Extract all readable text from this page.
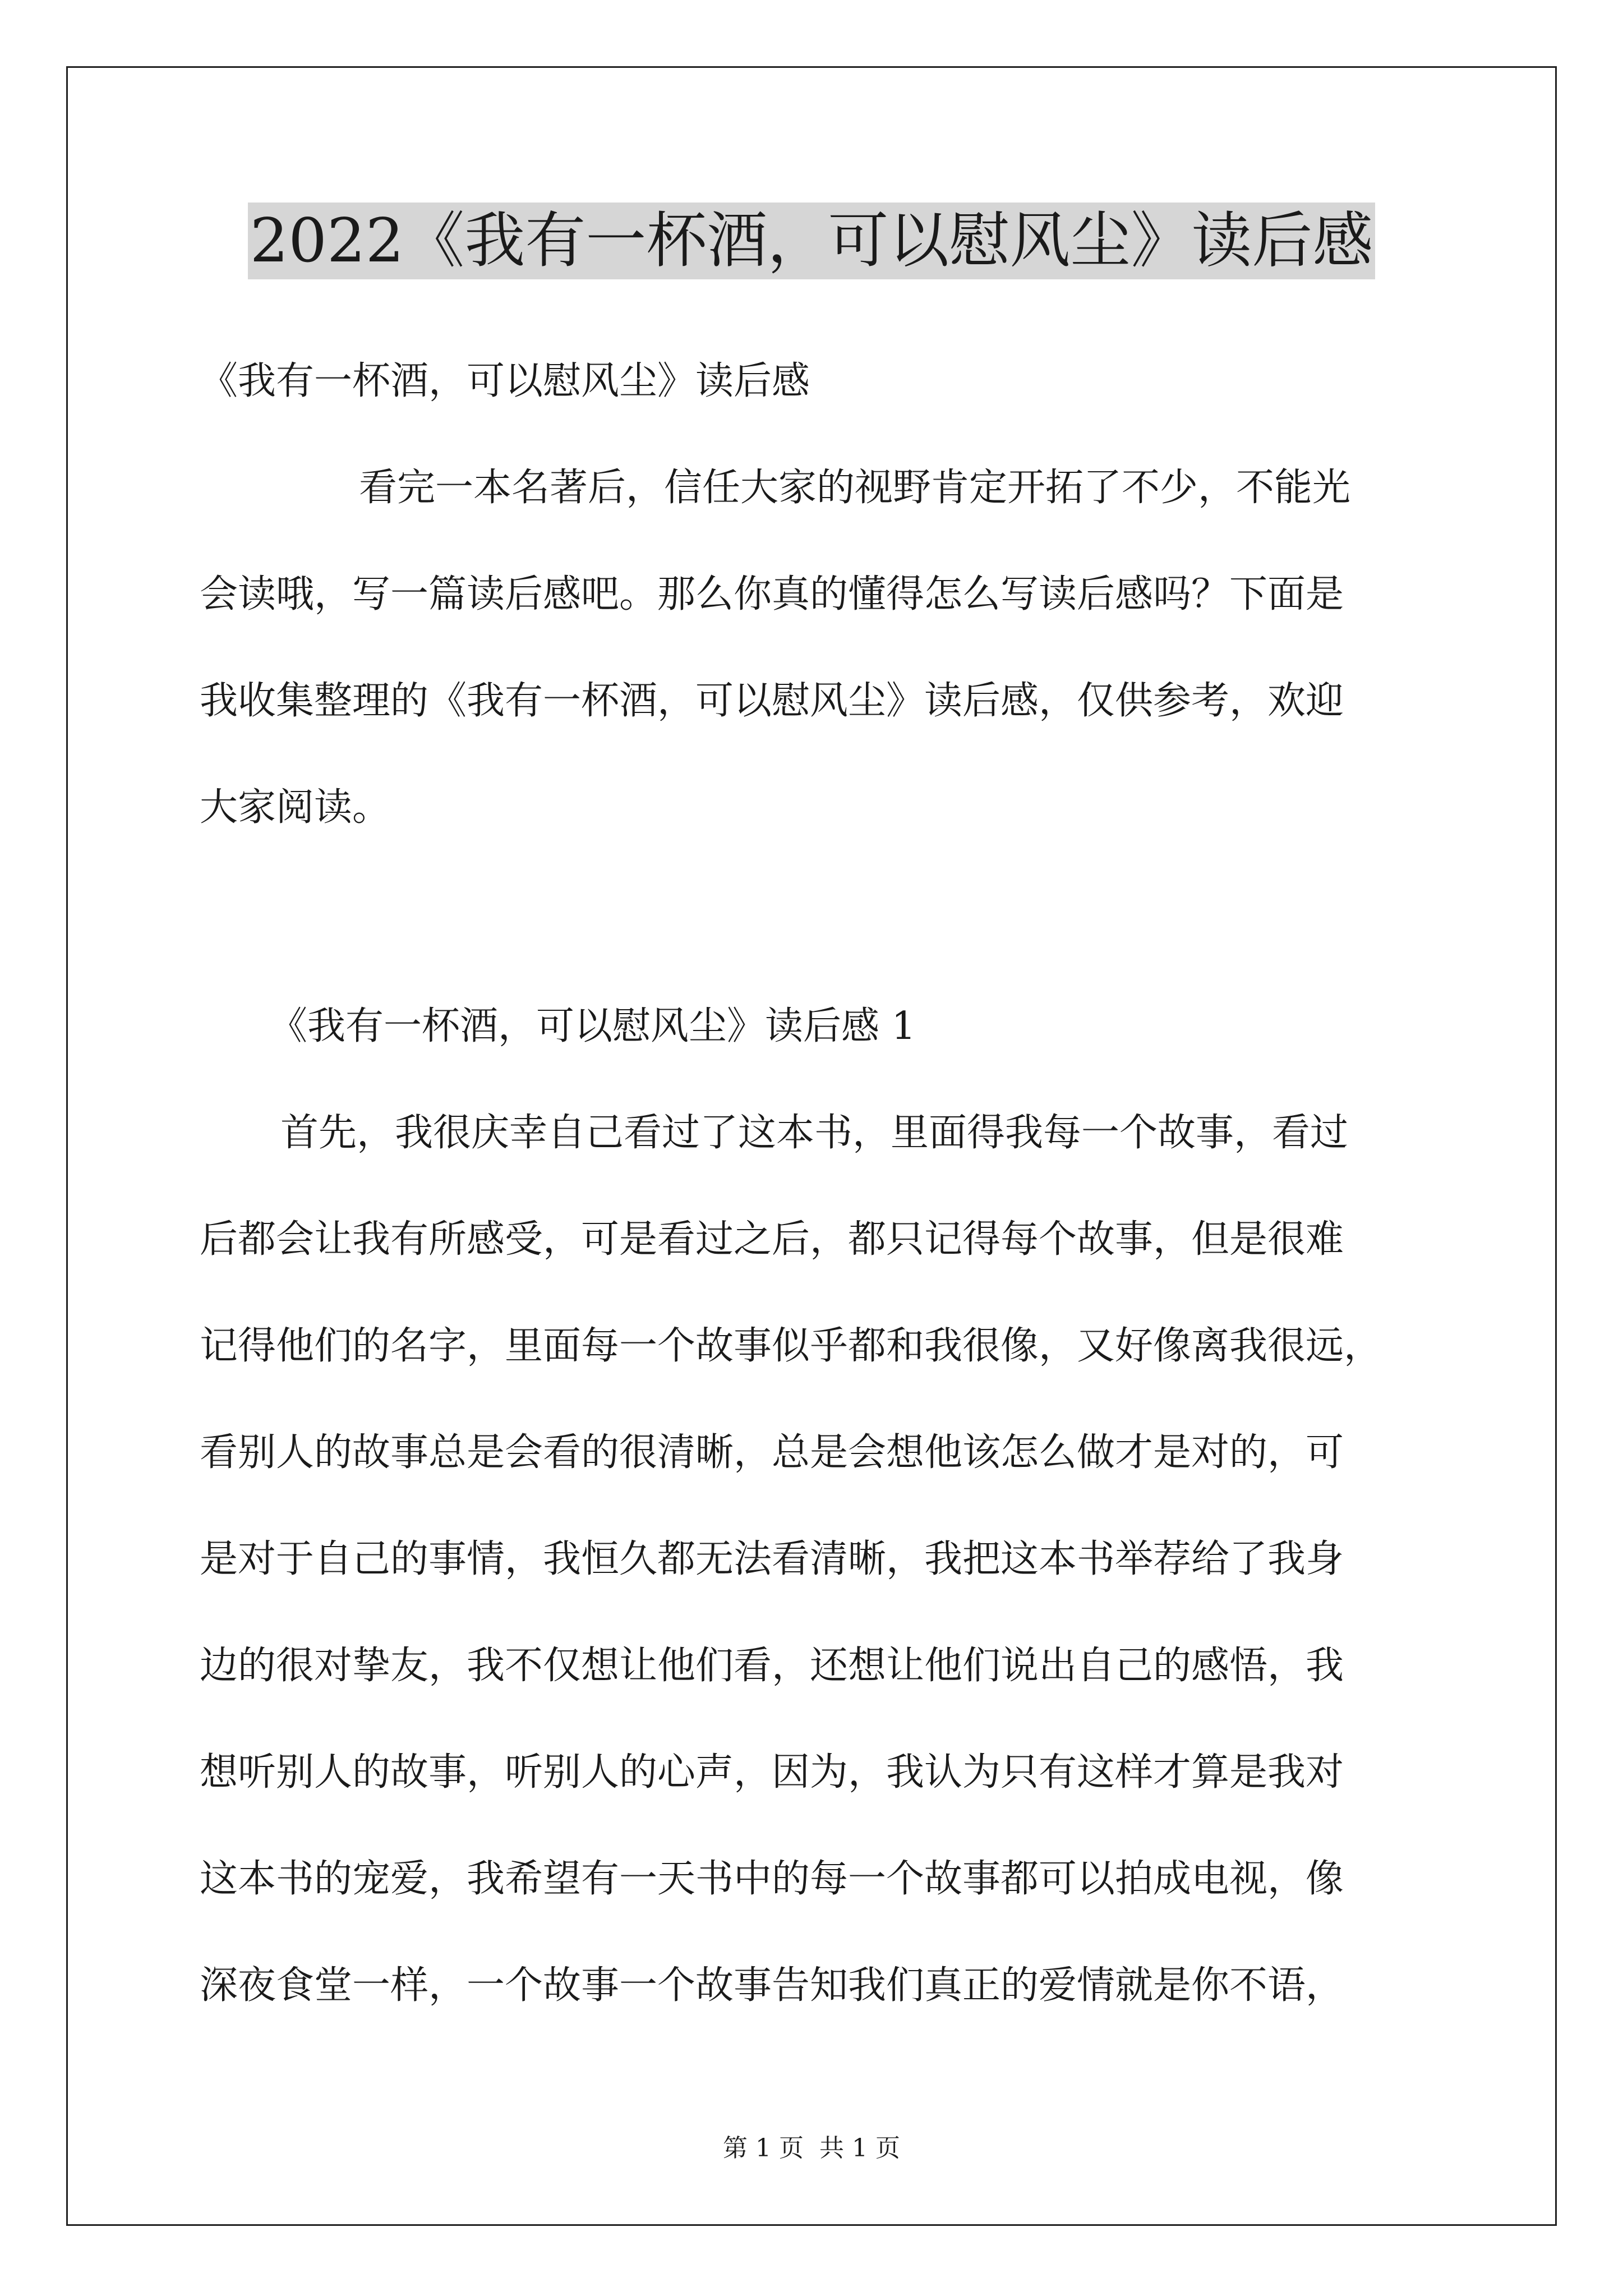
2022《我有一杯酒，可以慰风尘》读后感
《我有一杯酒，可以慰风尘》读后感
看完一本名著后，信任大家的视野肯定开拓了不少，不能光
会读哦，写一篇读后感吧。那么你真的懂得怎么写读后感吗？下面是
我收集整理的《我有一杯酒，可以慰风尘》读后感，仅供参考，欢迎
大家阅读。
《我有一杯酒，可以慰风尘》读后感 1
首先，我很庆幸自己看过了这本书，里面得我每一个故事，看过
后都会让我有所感受，可是看过之后，都只记得每个故事，但是很难
记得他们的名字，里面每一个故事似乎都和我很像，又好像离我很远，
看别人的故事总是会看的很清晰，总是会想他该怎么做才是对的，可
是对于自己的事情，我恒久都无法看清晰，我把这本书举荐给了我身
边的很对挚友，我不仅想让他们看，还想让他们说出自己的感悟，我
想听别人的故事，听别人的心声，因为，我认为只有这样才算是我对
这本书的宠爱，我希望有一天书中的每一个故事都可以拍成电视，像
深夜食堂一样，一个故事一个故事告知我们真正的爱情就是你不语，
第 1 页 共 1 页
